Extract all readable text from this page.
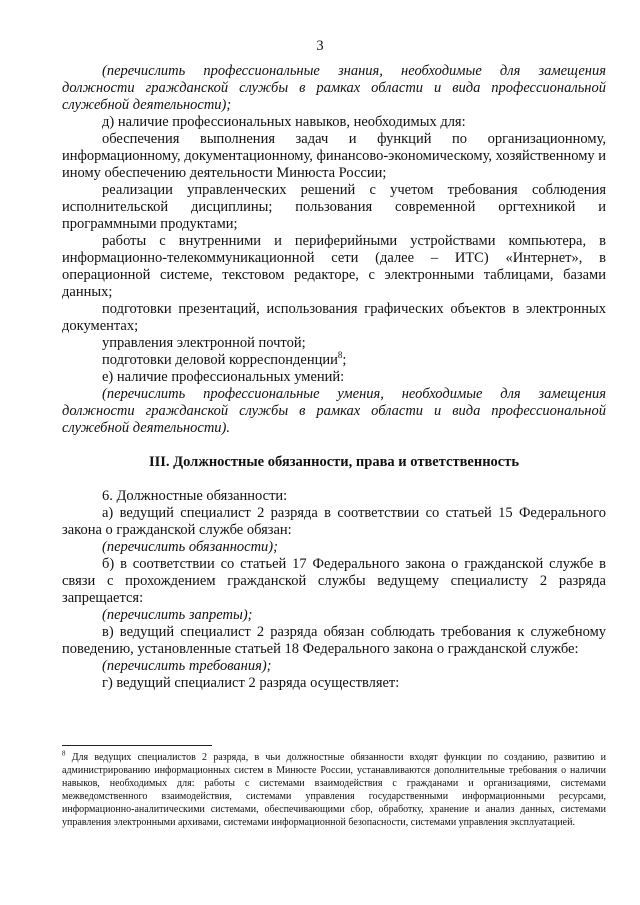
3

(перечислить профессиональные знания, необходимые для замещения должности гражданской службы в рамках области и вида профессиональной служебной деятельности);

д) наличие профессиональных навыков, необходимых для:

обеспечения выполнения задач и функций по организационному, информационному, документационному, финансово-экономическому, хозяйственному и иному обеспечению деятельности Минюста России;

реализации управленческих решений с учетом требования соблюдения исполнительской дисциплины; пользования современной оргтехникой и программными продуктами;

работы с внутренними и периферийными устройствами компьютера, в информационно-телекоммуникационной сети (далее – ИТС) «Интернет», в операционной системе, текстовом редакторе, с электронными таблицами, базами данных;

подготовки презентаций, использования графических объектов в электронных документах;

управления электронной почтой;

подготовки деловой корреспонденции$^8$;

е) наличие профессиональных умений:

(перечислить профессиональные умения, необходимые для замещения должности гражданской службы в рамках области и вида профессиональной служебной деятельности).

III. Должностные обязанности, права и ответственность

6. Должностные обязанности:

а) ведущий специалист 2 разряда в соответствии со статьей 15 Федерального закона о гражданской службе обязан:

(перечислить обязанности);

б) в соответствии со статьей 17 Федерального закона о гражданской службе в связи с прохождением гражданской службы ведущему специалисту 2 разряда запрещается:

(перечислить запреты);

в) ведущий специалист 2 разряда обязан соблюдать требования к служебному поведению, установленные статьей 18 Федерального закона о гражданской службе:

(перечислить требования);

г) ведущий специалист 2 разряда осуществляет:

$^8$ Для ведущих специалистов 2 разряда, в чьи должностные обязанности входят функции по созданию, развитию и администрированию информационных систем в Минюсте России, устанавливаются дополнительные требования о наличии навыков, необходимых для: работы с системами взаимодействия с гражданами и организациями, системами межведомственного взаимодействия, системами управления государственными информационными ресурсами, информационно-аналитическими системами, обеспечивающими сбор, обработку, хранение и анализ данных, системами управления электронными архивами, системами информационной безопасности, системами управления эксплуатацией.
